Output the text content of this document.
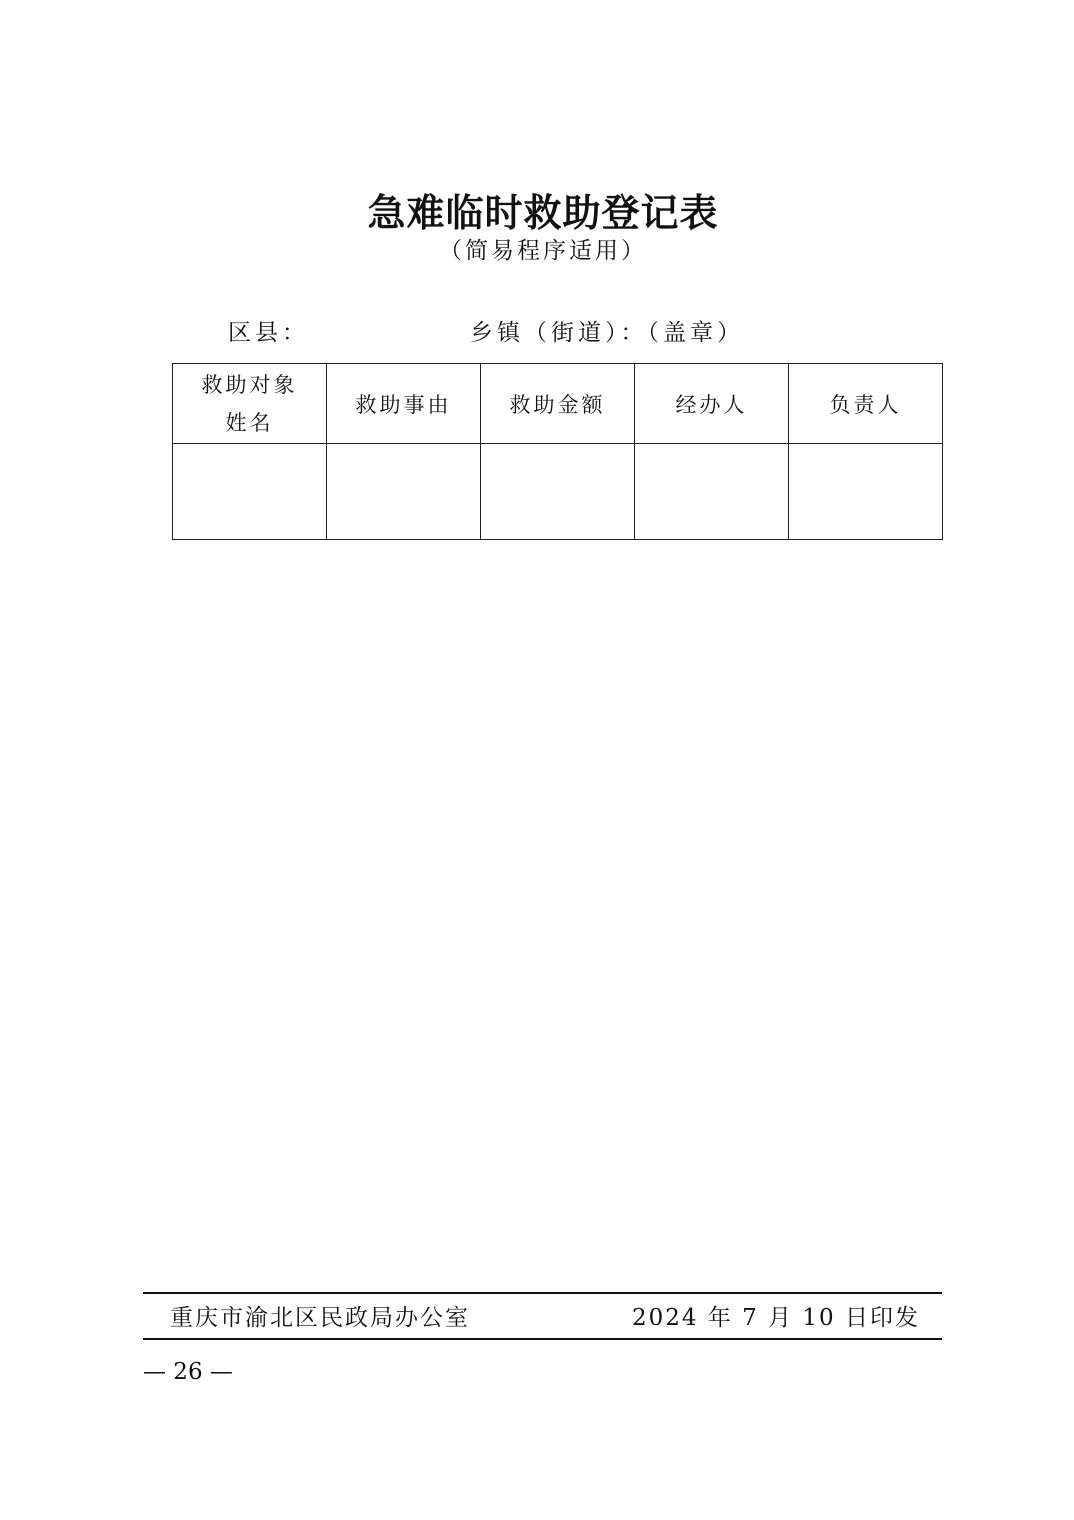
急难临时救助登记表
（简易程序适用）
区县：	乡镇（街道）：（盖章）
救助对象
姓名	救助事由	救助金额	经办人	负责人

重庆市渝北区民政局办公室	2024 年 7 月 10 日印发
— 26 —
